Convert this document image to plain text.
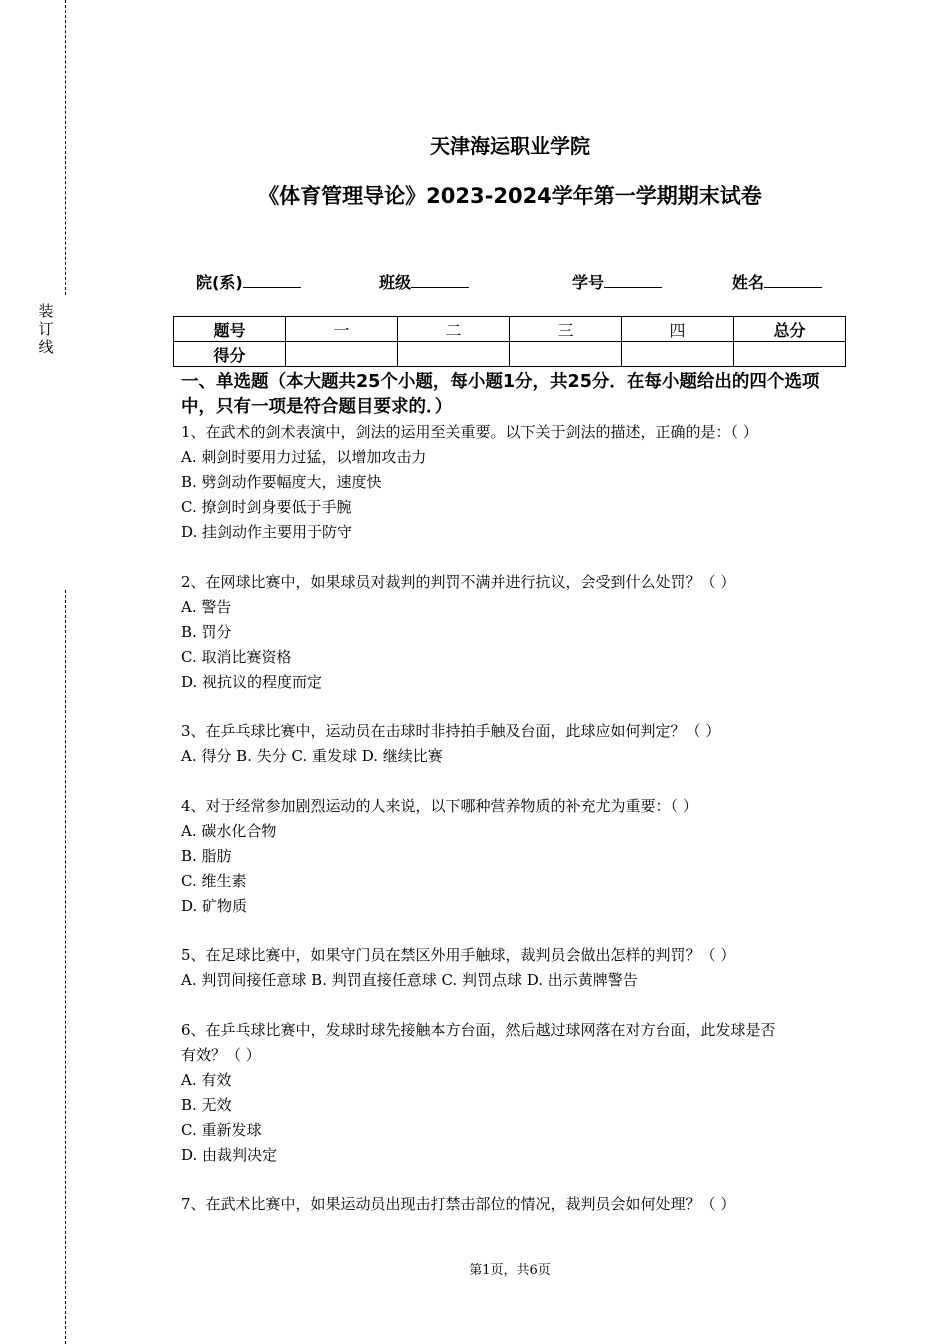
装
订
线
天津海运职业学院
《体育管理导论》2023-2024学年第一学期期末试卷
院(系)	班级	学号	姓名
题号	一	二	三	四	总分
得分					
一、单选题（本大题共25个小题，每小题1分，共25分．在每小题给出的四个选项中，只有一项是符合题目要求的．）
1、在武术的剑术表演中，剑法的运用至关重要。以下关于剑法的描述，正确的是：（ ）
A. 刺剑时要用力过猛，以增加攻击力
B. 劈剑动作要幅度大，速度快
C. 撩剑时剑身要低于手腕
D. 挂剑动作主要用于防守
2、在网球比赛中，如果球员对裁判的判罚不满并进行抗议，会受到什么处罚？（ ）
A. 警告
B. 罚分
C. 取消比赛资格
D. 视抗议的程度而定
3、在乒乓球比赛中，运动员在击球时非持拍手触及台面，此球应如何判定？（ ）
A. 得分 B. 失分 C. 重发球 D. 继续比赛
4、对于经常参加剧烈运动的人来说，以下哪种营养物质的补充尤为重要：（ ）
A. 碳水化合物
B. 脂肪
C. 维生素
D. 矿物质
5、在足球比赛中，如果守门员在禁区外用手触球，裁判员会做出怎样的判罚？（ ）
A. 判罚间接任意球 B. 判罚直接任意球 C. 判罚点球 D. 出示黄牌警告
6、在乒乓球比赛中，发球时球先接触本方台面，然后越过球网落在对方台面，此发球是否
有效？（ ）
A. 有效
B. 无效
C. 重新发球
D. 由裁判决定
7、在武术比赛中，如果运动员出现击打禁击部位的情况，裁判员会如何处理？（ ）
第1页，共6页
